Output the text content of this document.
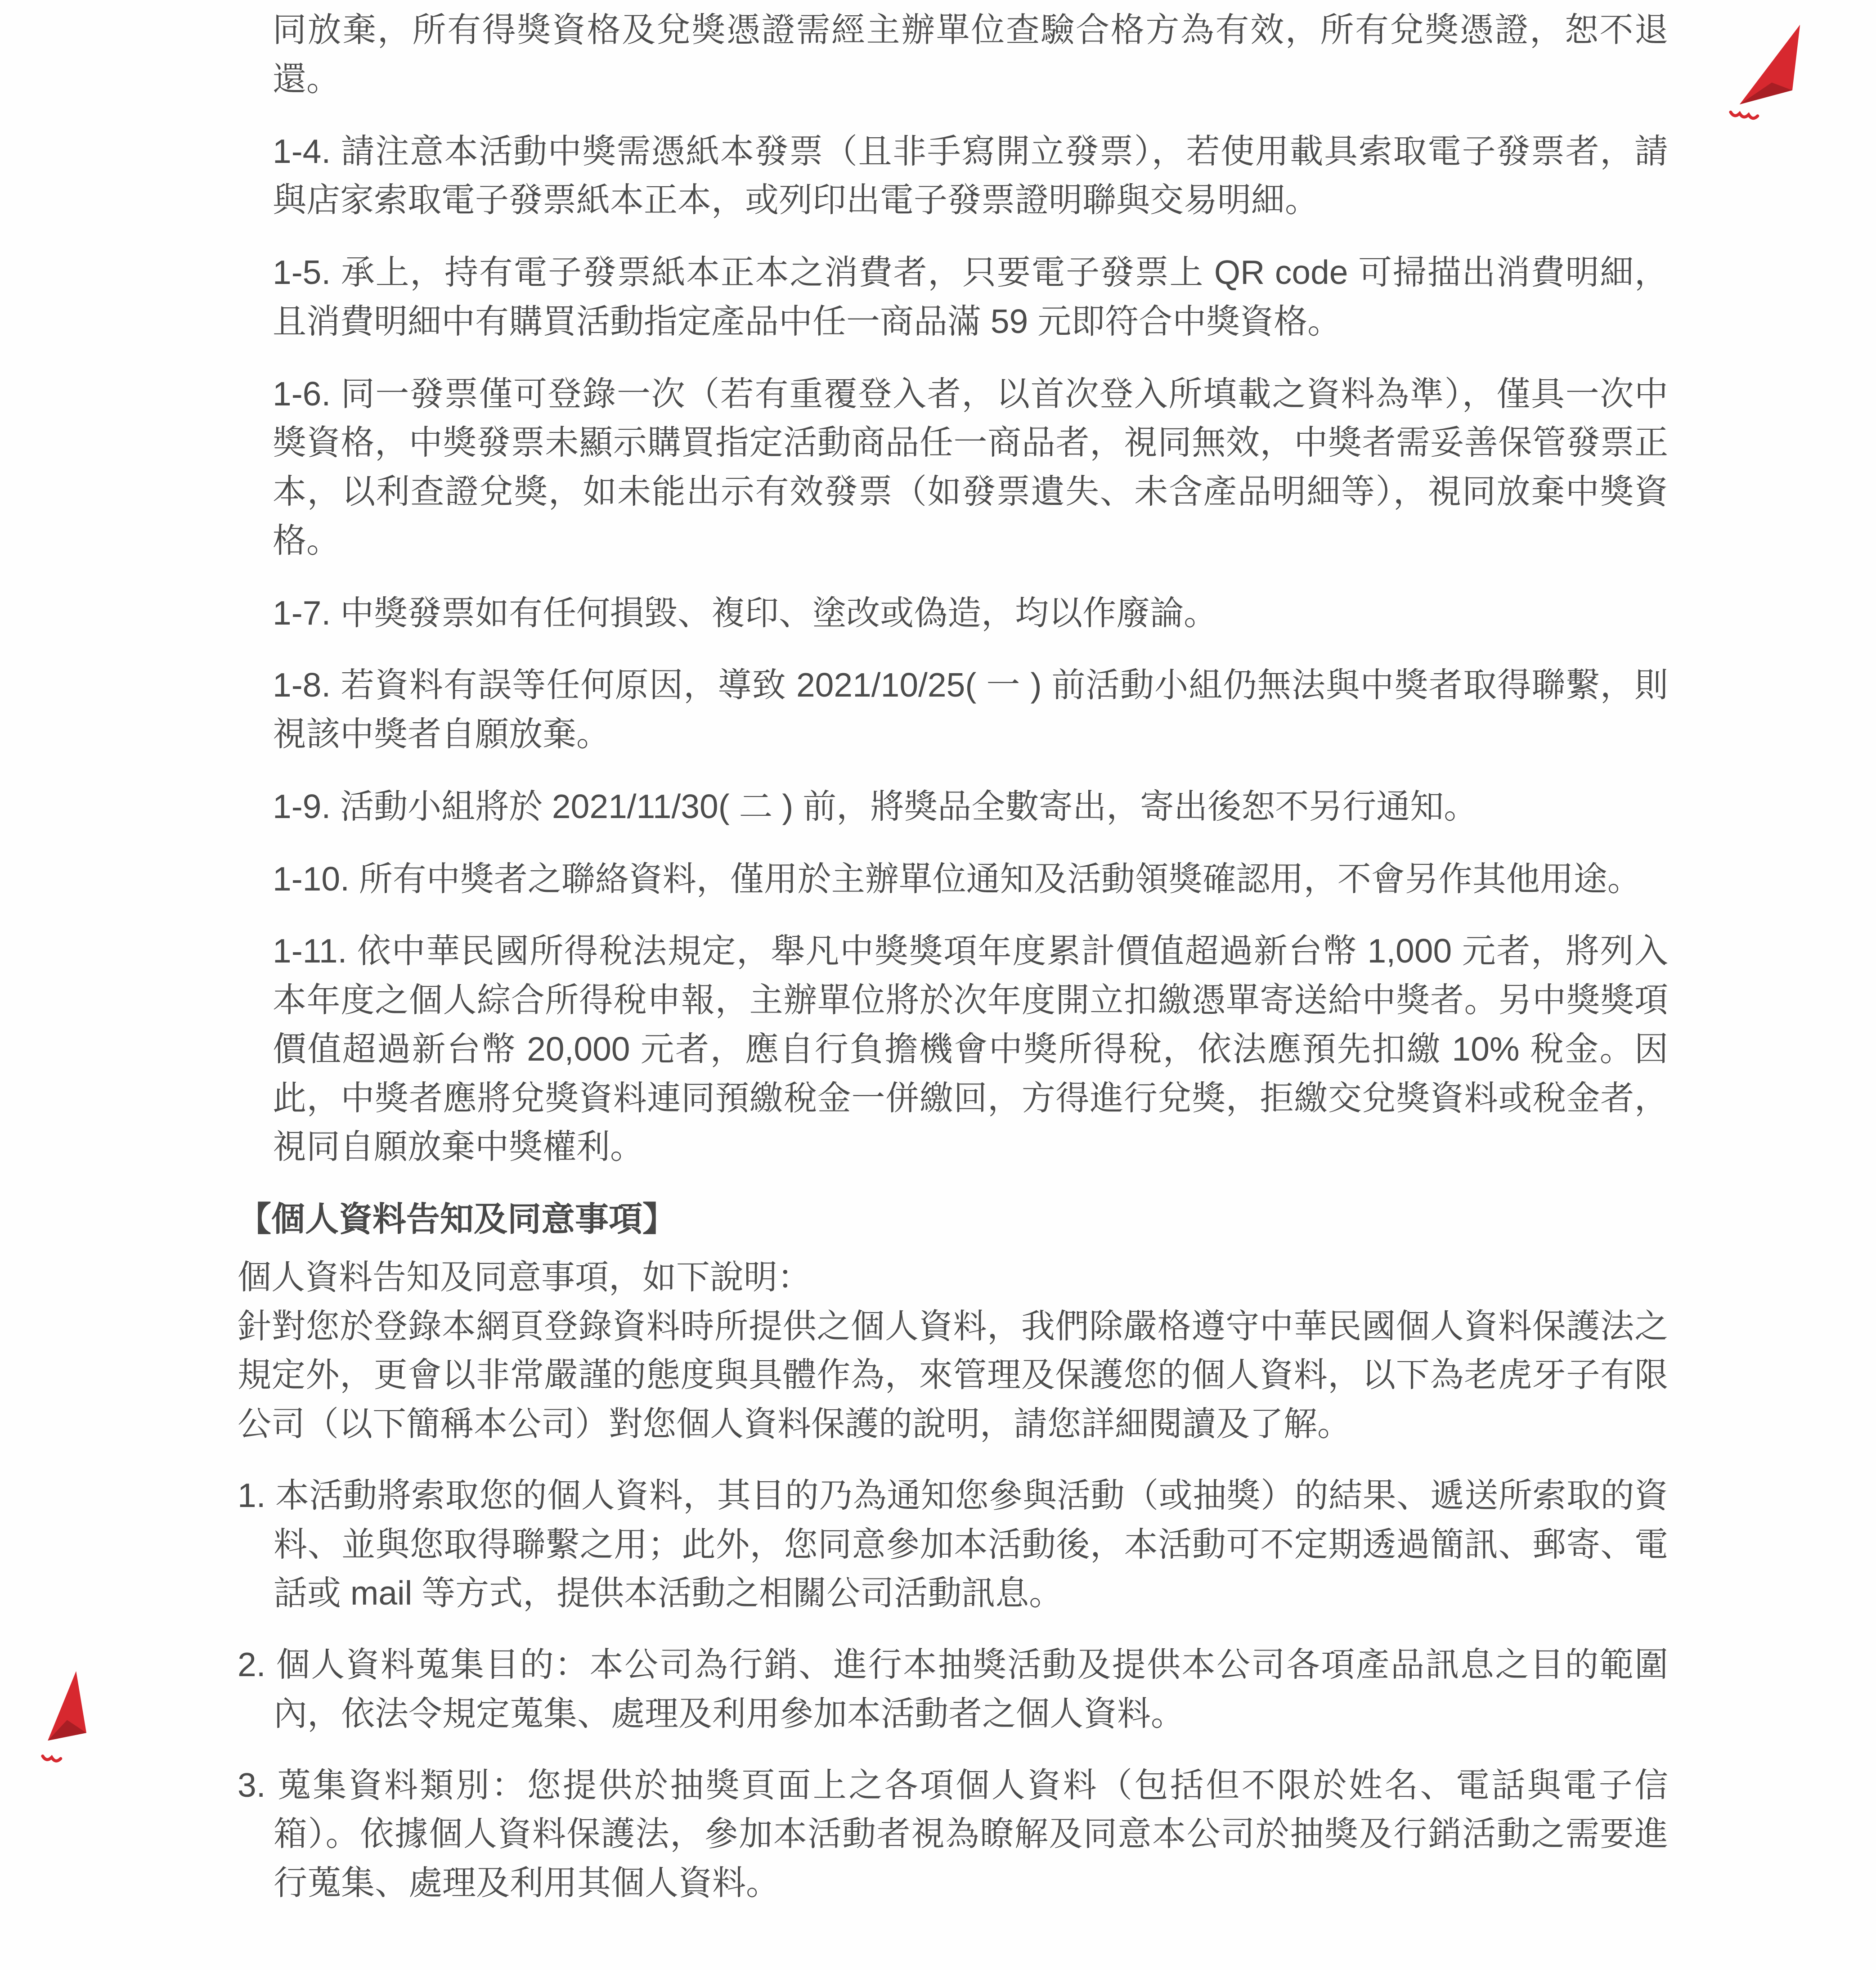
同放棄，所有得獎資格及兌獎憑證需經主辦單位查驗合格方為有效，所有兌獎憑證，恕不退還。

1-4. 請注意本活動中獎需憑紙本發票（且非手寫開立發票），若使用載具索取電子發票者，請與店家索取電子發票紙本正本，或列印出電子發票證明聯與交易明細。

1-5. 承上，持有電子發票紙本正本之消費者，只要電子發票上 QR code 可掃描出消費明細，且消費明細中有購買活動指定產品中任一商品滿 59 元即符合中獎資格。

1-6. 同一發票僅可登錄一次（若有重覆登入者，以首次登入所填載之資料為準），僅具一次中獎資格，中獎發票未顯示購買指定活動商品任一商品者，視同無效，中獎者需妥善保管發票正本，以利查證兌獎，如未能出示有效發票（如發票遺失、未含產品明細等），視同放棄中獎資格。

1-7. 中獎發票如有任何損毀、複印、塗改或偽造，均以作廢論。

1-8. 若資料有誤等任何原因，導致 2021/10/25( 一 ) 前活動小組仍無法與中獎者取得聯繫，則視該中獎者自願放棄。

1-9. 活動小組將於 2021/11/30( 二 ) 前，將獎品全數寄出，寄出後恕不另行通知。

1-10. 所有中獎者之聯絡資料，僅用於主辦單位通知及活動領獎確認用，不會另作其他用途。

1-11. 依中華民國所得稅法規定，舉凡中獎獎項年度累計價值超過新台幣 1,000 元者，將列入本年度之個人綜合所得稅申報，主辦單位將於次年度開立扣繳憑單寄送給中獎者。另中獎獎項價值超過新台幣 20,000 元者，應自行負擔機會中獎所得稅，依法應預先扣繳 10% 稅金。因此，中獎者應將兌獎資料連同預繳稅金一併繳回，方得進行兌獎，拒繳交兌獎資料或稅金者，視同自願放棄中獎權利。

【個人資料告知及同意事項】

個人資料告知及同意事項，如下說明：
針對您於登錄本網頁登錄資料時所提供之個人資料，我們除嚴格遵守中華民國個人資料保護法之規定外，更會以非常嚴謹的態度與具體作為，來管理及保護您的個人資料，以下為老虎牙子有限公司（以下簡稱本公司）對您個人資料保護的說明，請您詳細閱讀及了解。

1. 本活動將索取您的個人資料，其目的乃為通知您參與活動（或抽獎）的結果、遞送所索取的資料、並與您取得聯繫之用；此外，您同意參加本活動後，本活動可不定期透過簡訊、郵寄、電話或 mail 等方式，提供本活動之相關公司活動訊息。
2. 個人資料蒐集目的：本公司為行銷、進行本抽獎活動及提供本公司各項產品訊息之目的範圍內，依法令規定蒐集、處理及利用參加本活動者之個人資料。
3. 蒐集資料類別：您提供於抽獎頁面上之各項個人資料（包括但不限於姓名、電話與電子信箱）。依據個人資料保護法，參加本活動者視為瞭解及同意本公司於抽獎及行銷活動之需要進行蒐集、處理及利用其個人資料。
